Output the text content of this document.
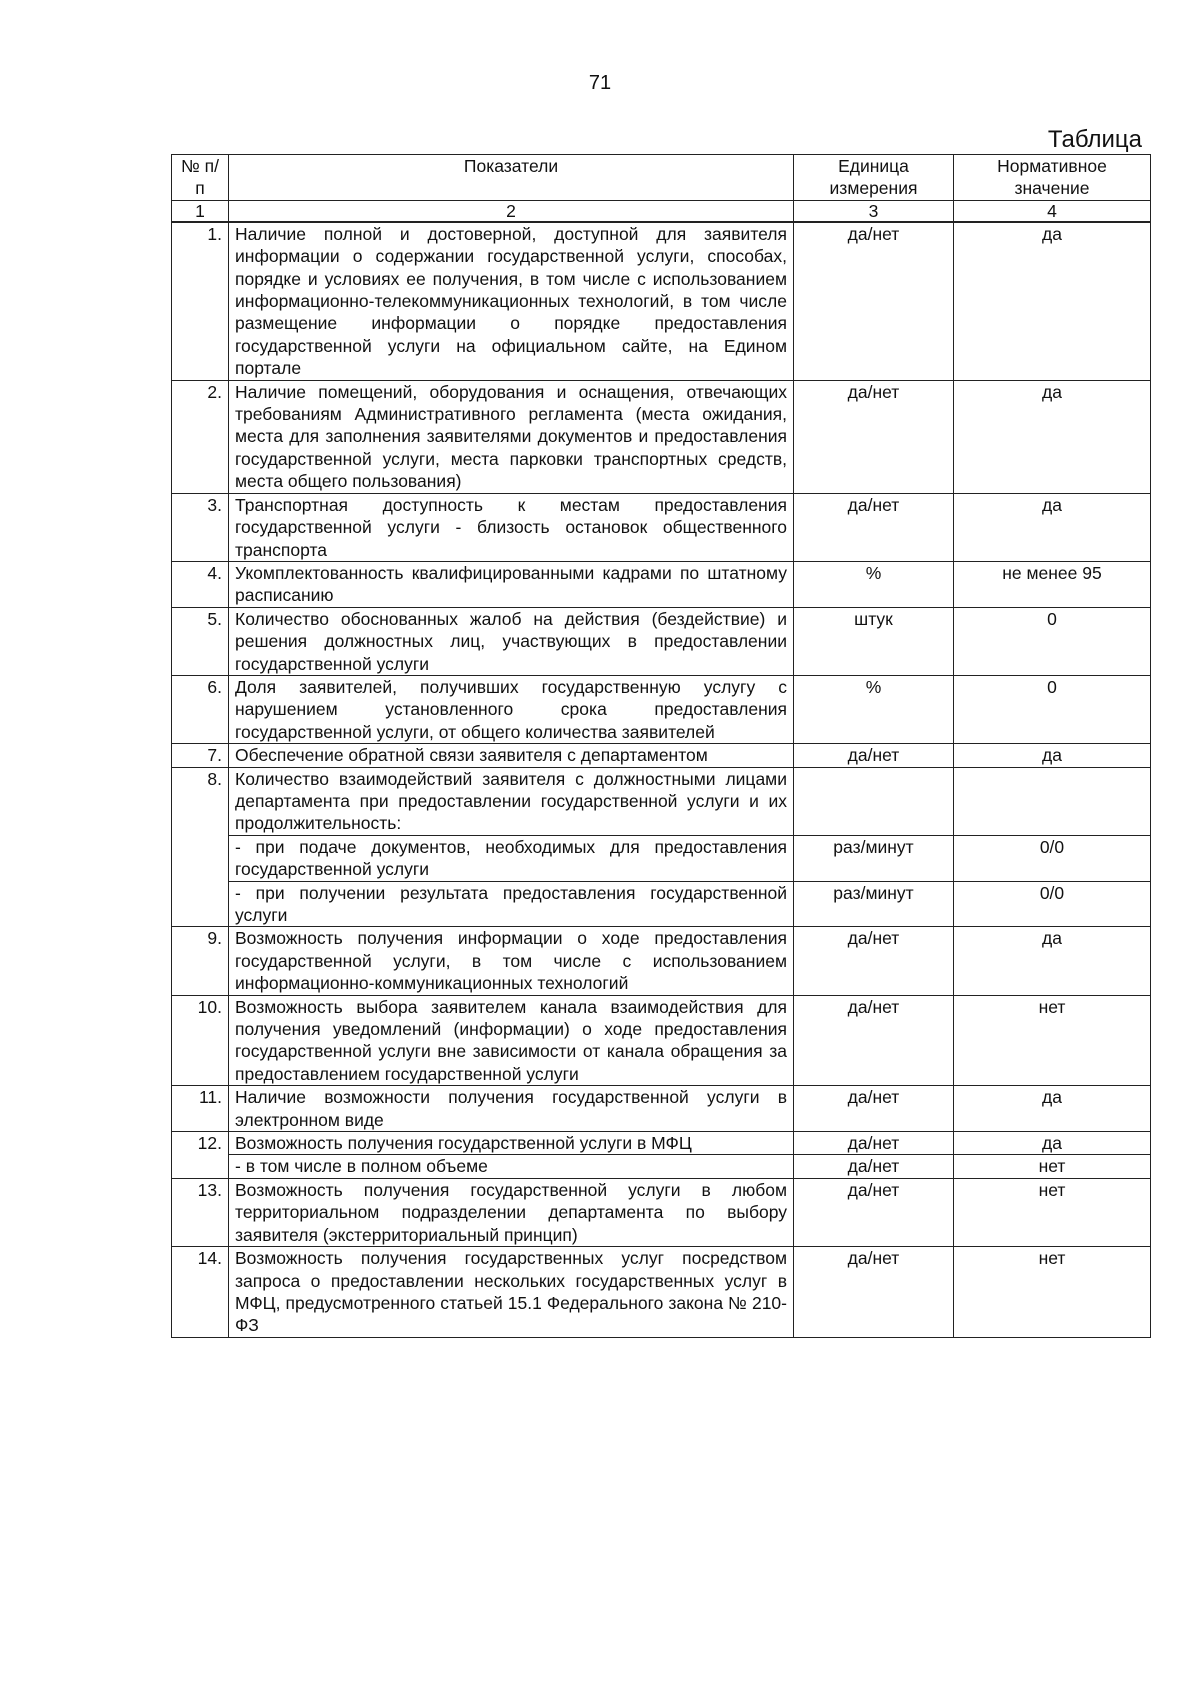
71
Таблица
№ п/п	Показатели	Единица измерения	Нормативное значение
1	2	3	4
1.	Наличие полной и достоверной, доступной для заявителя информации о содержании государственной услуги, способах, порядке и условиях ее получения, в том числе с использованием информационно-телекоммуникационных технологий, в том числе размещение информации о порядке предоставления государственной услуги на официальном сайте, на Едином портале	да/нет	да
2.	Наличие помещений, оборудования и оснащения, отвечающих требованиям Административного регламента (места ожидания, места для заполнения заявителями документов и предоставления государственной услуги, места парковки транспортных средств, места общего пользования)	да/нет	да
3.	Транспортная доступность к местам предоставления государственной услуги - близость остановок общественного транспорта	да/нет	да
4.	Укомплектованность квалифицированными кадрами по штатному расписанию	%	не менее 95
5.	Количество обоснованных жалоб на действия (бездействие) и решения должностных лиц, участвующих в предоставлении государственной услуги	штук	0
6.	Доля заявителей, получивших государственную услугу с нарушением установленного срока предоставления государственной услуги, от общего количества заявителей	%	0
7.	Обеспечение обратной связи заявителя с департаментом	да/нет	да
8.	Количество взаимодействий заявителя с должностными лицами департамента при предоставлении государственной услуги и их продолжительность:		
	- при подаче документов, необходимых для предоставления государственной услуги	раз/минут	0/0
	- при получении результата предоставления государственной услуги	раз/минут	0/0
9.	Возможность получения информации о ходе предоставления государственной услуги, в том числе с использованием информационно-коммуникационных технологий	да/нет	да
10.	Возможность выбора заявителем канала взаимодействия для получения уведомлений (информации) о ходе предоставления государственной услуги вне зависимости от канала обращения за предоставлением государственной услуги	да/нет	нет
11.	Наличие возможности получения государственной услуги в электронном виде	да/нет	да
12.	Возможность получения государственной услуги в МФЦ	да/нет	да
	- в том числе в полном объеме	да/нет	нет
13.	Возможность получения государственной услуги в любом территориальном подразделении департамента по выбору заявителя (экстерриториальный принцип)	да/нет	нет
14.	Возможность получения государственных услуг посредством запроса о предоставлении нескольких государственных услуг в МФЦ, предусмотренного статьей 15.1 Федерального закона № 210-ФЗ	да/нет	нет
